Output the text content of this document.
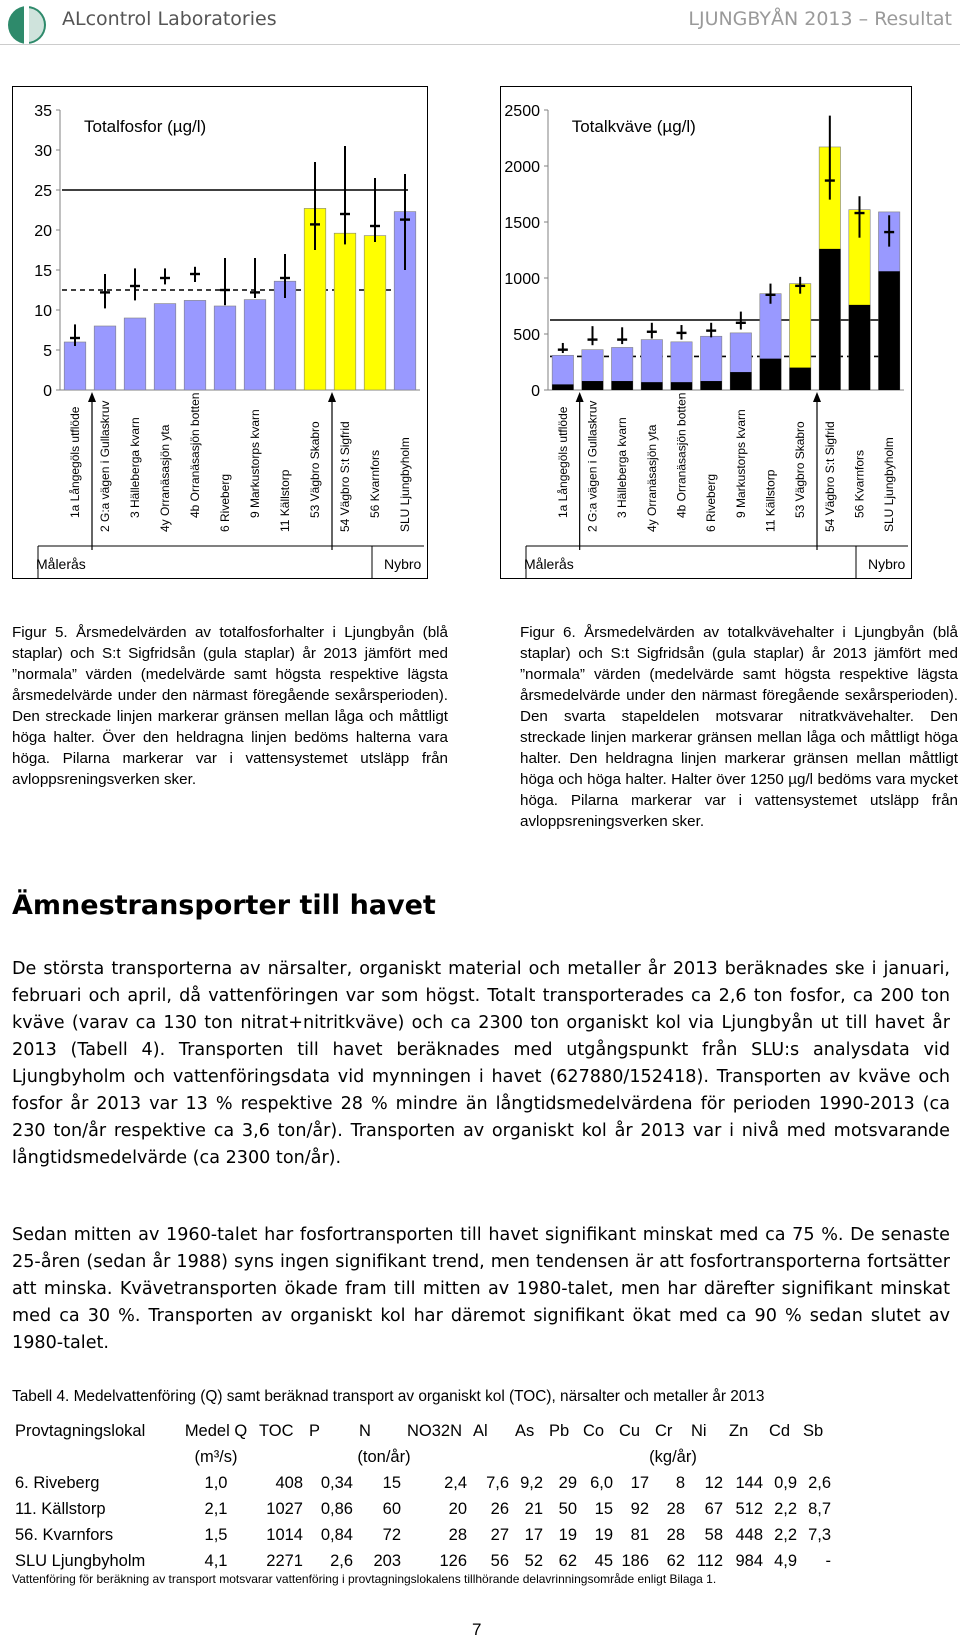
ALcontrol Laboratories	LJUNGBYÅN 2013 – Resultat
0
5
10
15
20
25
30
35
Totalfosfor (µg/l)
1a Långegöls utflöde 2 G:a vägen i Gullaskruv 3 Hälleberga kvarn 4y Orranäsasjön yta 4b Orranäsasjön botten 6 Riveberg 9 Markustorps kvarn 11 Källstorp 53 Vägbro Skabro 54 Vägbro S:t Sigfrid 56 Kvarnfors SLU Ljungbyholm
Målerås	Nybro
0
500
1000
1500
2000
2500
Totalkväve (µg/l)
1a Långegöls utflöde 2 G:a vägen i Gullaskruv 3 Hälleberga kvarn 4y Orranäsasjön yta 4b Orranäsasjön botten 6 Riveberg 9 Markustorps kvarn 11 Källstorp 53 Vägbro Skabro 54 Vägbro S:t Sigfrid 56 Kvarnfors SLU Ljungbyholm
Målerås	Nybro
Figur 5. Årsmedelvärden av totalfosforhalter i Ljungbyån (blå staplar) och S:t Sigfridsån (gula staplar) år 2013 jämfört med ”normala” värden (medelvärde samt högsta respektive lägsta årsmedelvärde under den närmast föregående sexårsperioden). Den streckade linjen markerar gränsen mellan låga och måttligt höga halter. Över den heldragna linjen bedöms halterna vara höga. Pilarna markerar var i vattensystemet utsläpp från avloppsreningsverken sker.
Figur 6. Årsmedelvärden av totalkvävehalter i Ljungbyån (blå staplar) och S:t Sigfridsån (gula staplar) år 2013 jämfört med ”normala” värden (medelvärde samt högsta respektive lägsta årsmedelvärde under den närmast föregående sexårsperioden). Den svarta stapeldelen motsvarar nitratkvävehalter. Den streckade linjen markerar gränsen mellan låga och måttligt höga halter. Den heldragna linjen markerar gränsen mellan måttligt höga och höga halter. Halter över 1250 µg/l bedöms vara mycket höga. Pilarna markerar var i vattensystemet utsläpp från avloppsreningsverken sker.
Ämnestransporter till havet
De största transporterna av närsalter, organiskt material och metaller år 2013 beräknades ske i januari, februari och april, då vattenföringen var som högst. Totalt transporterades ca 2,6 ton fosfor, ca 200 ton kväve (varav ca 130 ton nitrat+nitritkväve) och ca 2300 ton organiskt kol via Ljungbyån ut till havet år 2013 (Tabell 4). Transporten till havet beräknades med utgångspunkt från SLU:s analysdata vid Ljungbyholm och vattenföringsdata vid mynningen i havet (627880/152418). Transporten av kväve och fosfor år 2013 var 13 % respektive 28 % mindre än långtidsmedelvärdena för perioden 1990-2013 (ca 230 ton/år respektive ca 3,6 ton/år). Transporten av organiskt kol år 2013 var i nivå med motsvarande långtidsmedelvärde (ca 2300 ton/år).
Sedan mitten av 1960-talet har fosfortransporten till havet signifikant minskat med ca 75 %. De senaste 25-åren (sedan år 1988) syns ingen signifikant trend, men tendensen är att fosfortransporterna fortsätter att minska. Kvävetransporten ökade fram till mitten av 1980-talet, men har därefter signifikant minskat med ca 30 %. Transporten av organiskt kol har däremot signifikant ökat med ca 90 % sedan slutet av 1980-talet.
Tabell 4. Medelvattenföring (Q) samt beräknad transport av organiskt kol (TOC), närsalter och metaller år 2013
Provtagningslokal	Medel Q	TOC	P	N	NO32N	Al	As	Pb	Co	Cu	Cr	Ni	Zn	Cd	Sb
	(m³/s)	(ton/år)					(kg/år)								
6. Riveberg	1,0	408	0,34	15	2,4	7,6	9,2	29	6,0	17	8	12	144	0,9	2,6
11. Källstorp	2,1	1027	0,86	60	20	26	21	50	15	92	28	67	512	2,2	8,7
56. Kvarnfors	1,5	1014	0,84	72	28	27	17	19	19	81	28	58	448	2,2	7,3
SLU Ljungbyholm	4,1	2271	2,6	203	126	56	52	62	45	186	62	112	984	4,9	-
Vattenföring för beräkning av transport motsvarar vattenföring i provtagningslokalens tillhörande delavrinningsområde enligt Bilaga 1.
7
